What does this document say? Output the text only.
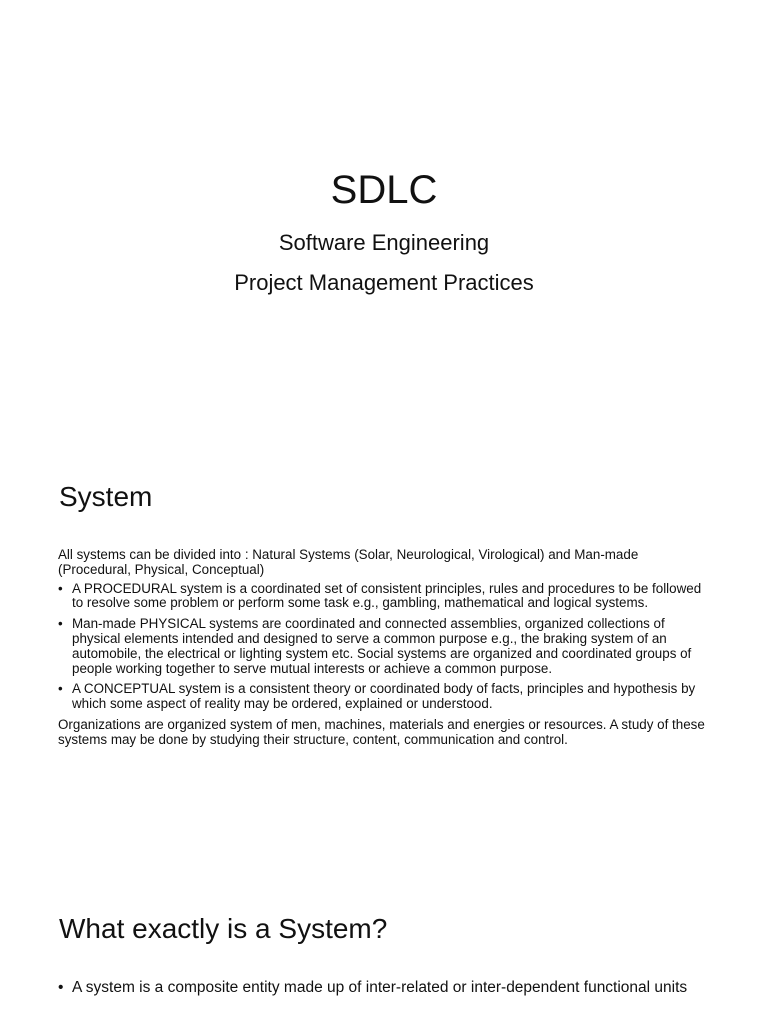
SDLC
Software Engineering
Project Management Practices
System

All systems can be divided into : Natural Systems (Solar, Neurological, Virological) and Man-made (Procedural, Physical, Conceptual)

• A PROCEDURAL system is a coordinated set of consistent principles, rules and procedures to be followed to resolve some problem or perform some task e.g., gambling, mathematical and logical systems.
• Man-made PHYSICAL systems are coordinated and connected assemblies, organized collections of physical elements intended and designed to serve a common purpose e.g., the braking system of an automobile, the electrical or lighting system etc. Social systems are organized and coordinated groups of people working together to serve mutual interests or achieve a common purpose.
• A CONCEPTUAL system is a consistent theory or coordinated body of facts, principles and hypothesis by which some aspect of reality may be ordered, explained or understood.

Organizations are organized system of men, machines, materials and energies or resources. A study of these systems may be done by studying their structure, content, communication and control.

What exactly is a System?
• A system is a composite entity made up of inter-related or inter-dependent functional units
